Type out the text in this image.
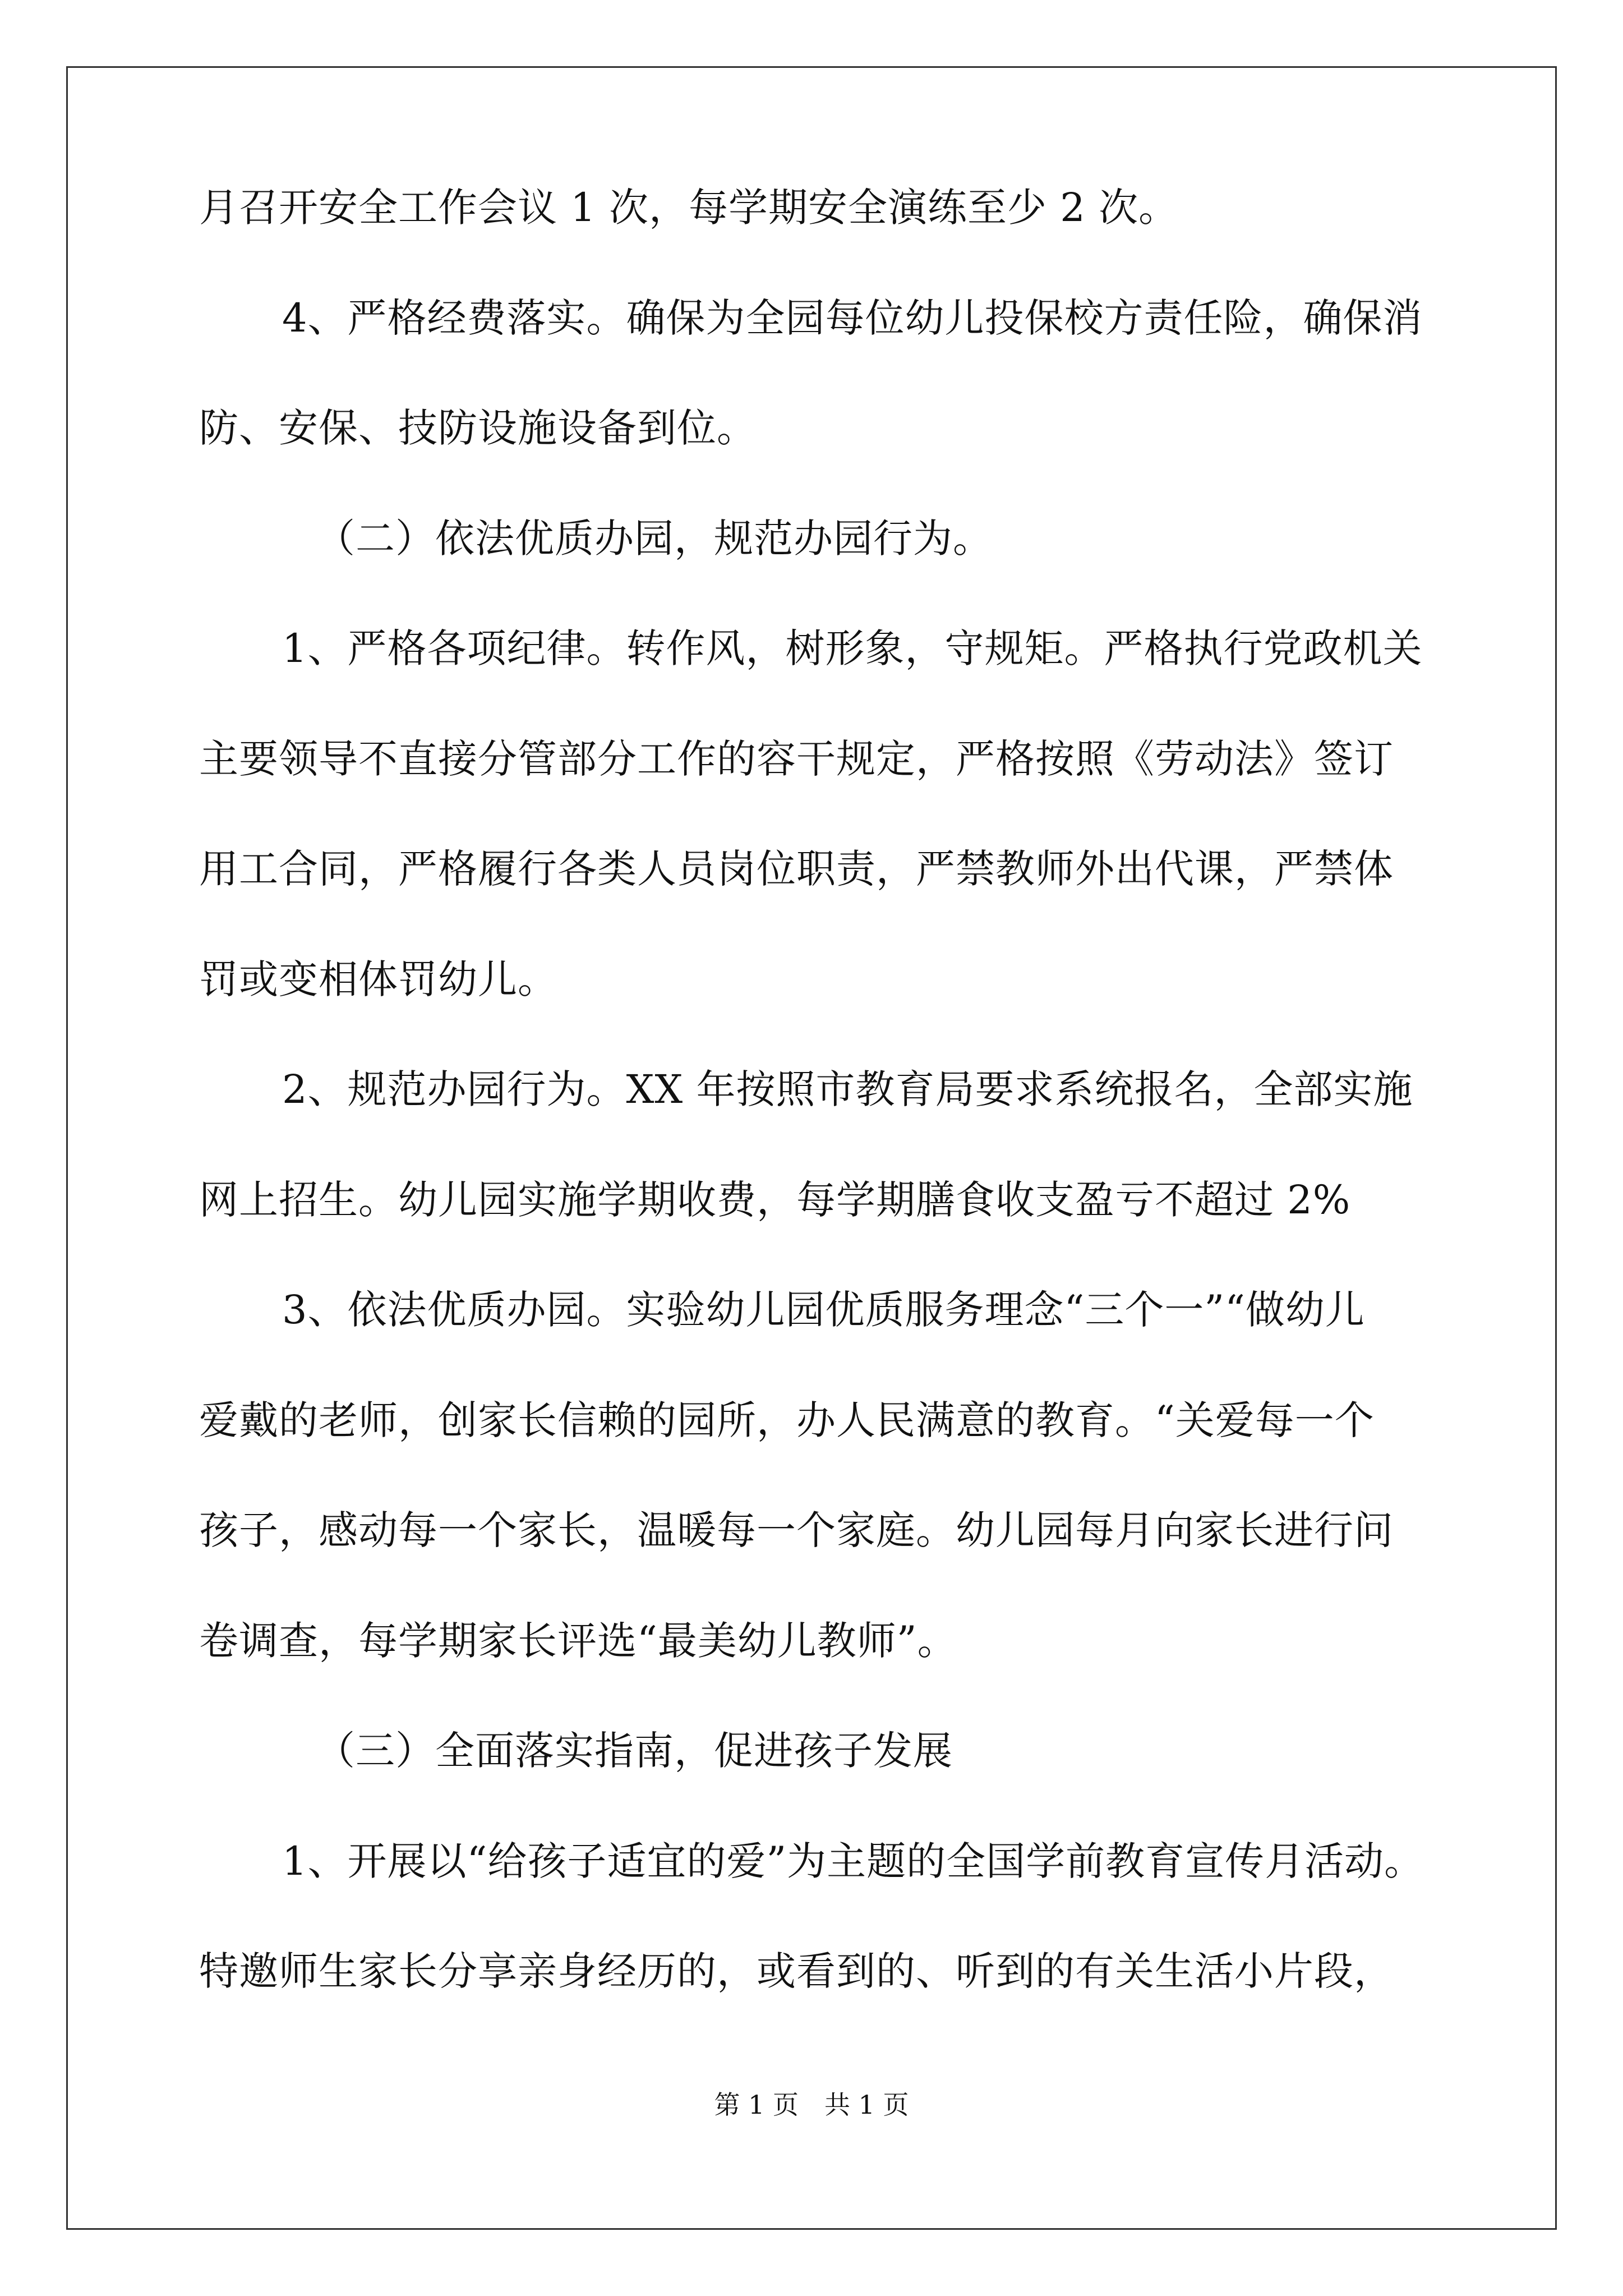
月召开安全工作会议 1 次，每学期安全演练至少 2 次。
4、严格经费落实。确保为全园每位幼儿投保校方责任险，确保消
防、安保、技防设施设备到位。
（二）依法优质办园，规范办园行为。
1、严格各项纪律。转作风，树形象，守规矩。严格执行党政机关
主要领导不直接分管部分工作的容干规定，严格按照《劳动法》签订
用工合同，严格履行各类人员岗位职责，严禁教师外出代课，严禁体
罚或变相体罚幼儿。
2、规范办园行为。XX 年按照市教育局要求系统报名，全部实施
网上招生。幼儿园实施学期收费，每学期膳食收支盈亏不超过 2%
3、依法优质办园。实验幼儿园优质服务理念“三个一”“做幼儿
爱戴的老师，创家长信赖的园所，办人民满意的教育。“关爱每一个
孩子，感动每一个家长，温暖每一个家庭。幼儿园每月向家长进行问
卷调查，每学期家长评选“最美幼儿教师”。
（三）全面落实指南，促进孩子发展
1、开展以“给孩子适宜的爱”为主题的全国学前教育宣传月活动。
特邀师生家长分享亲身经历的，或看到的、听到的有关生活小片段，
第 1 页　共 1 页
